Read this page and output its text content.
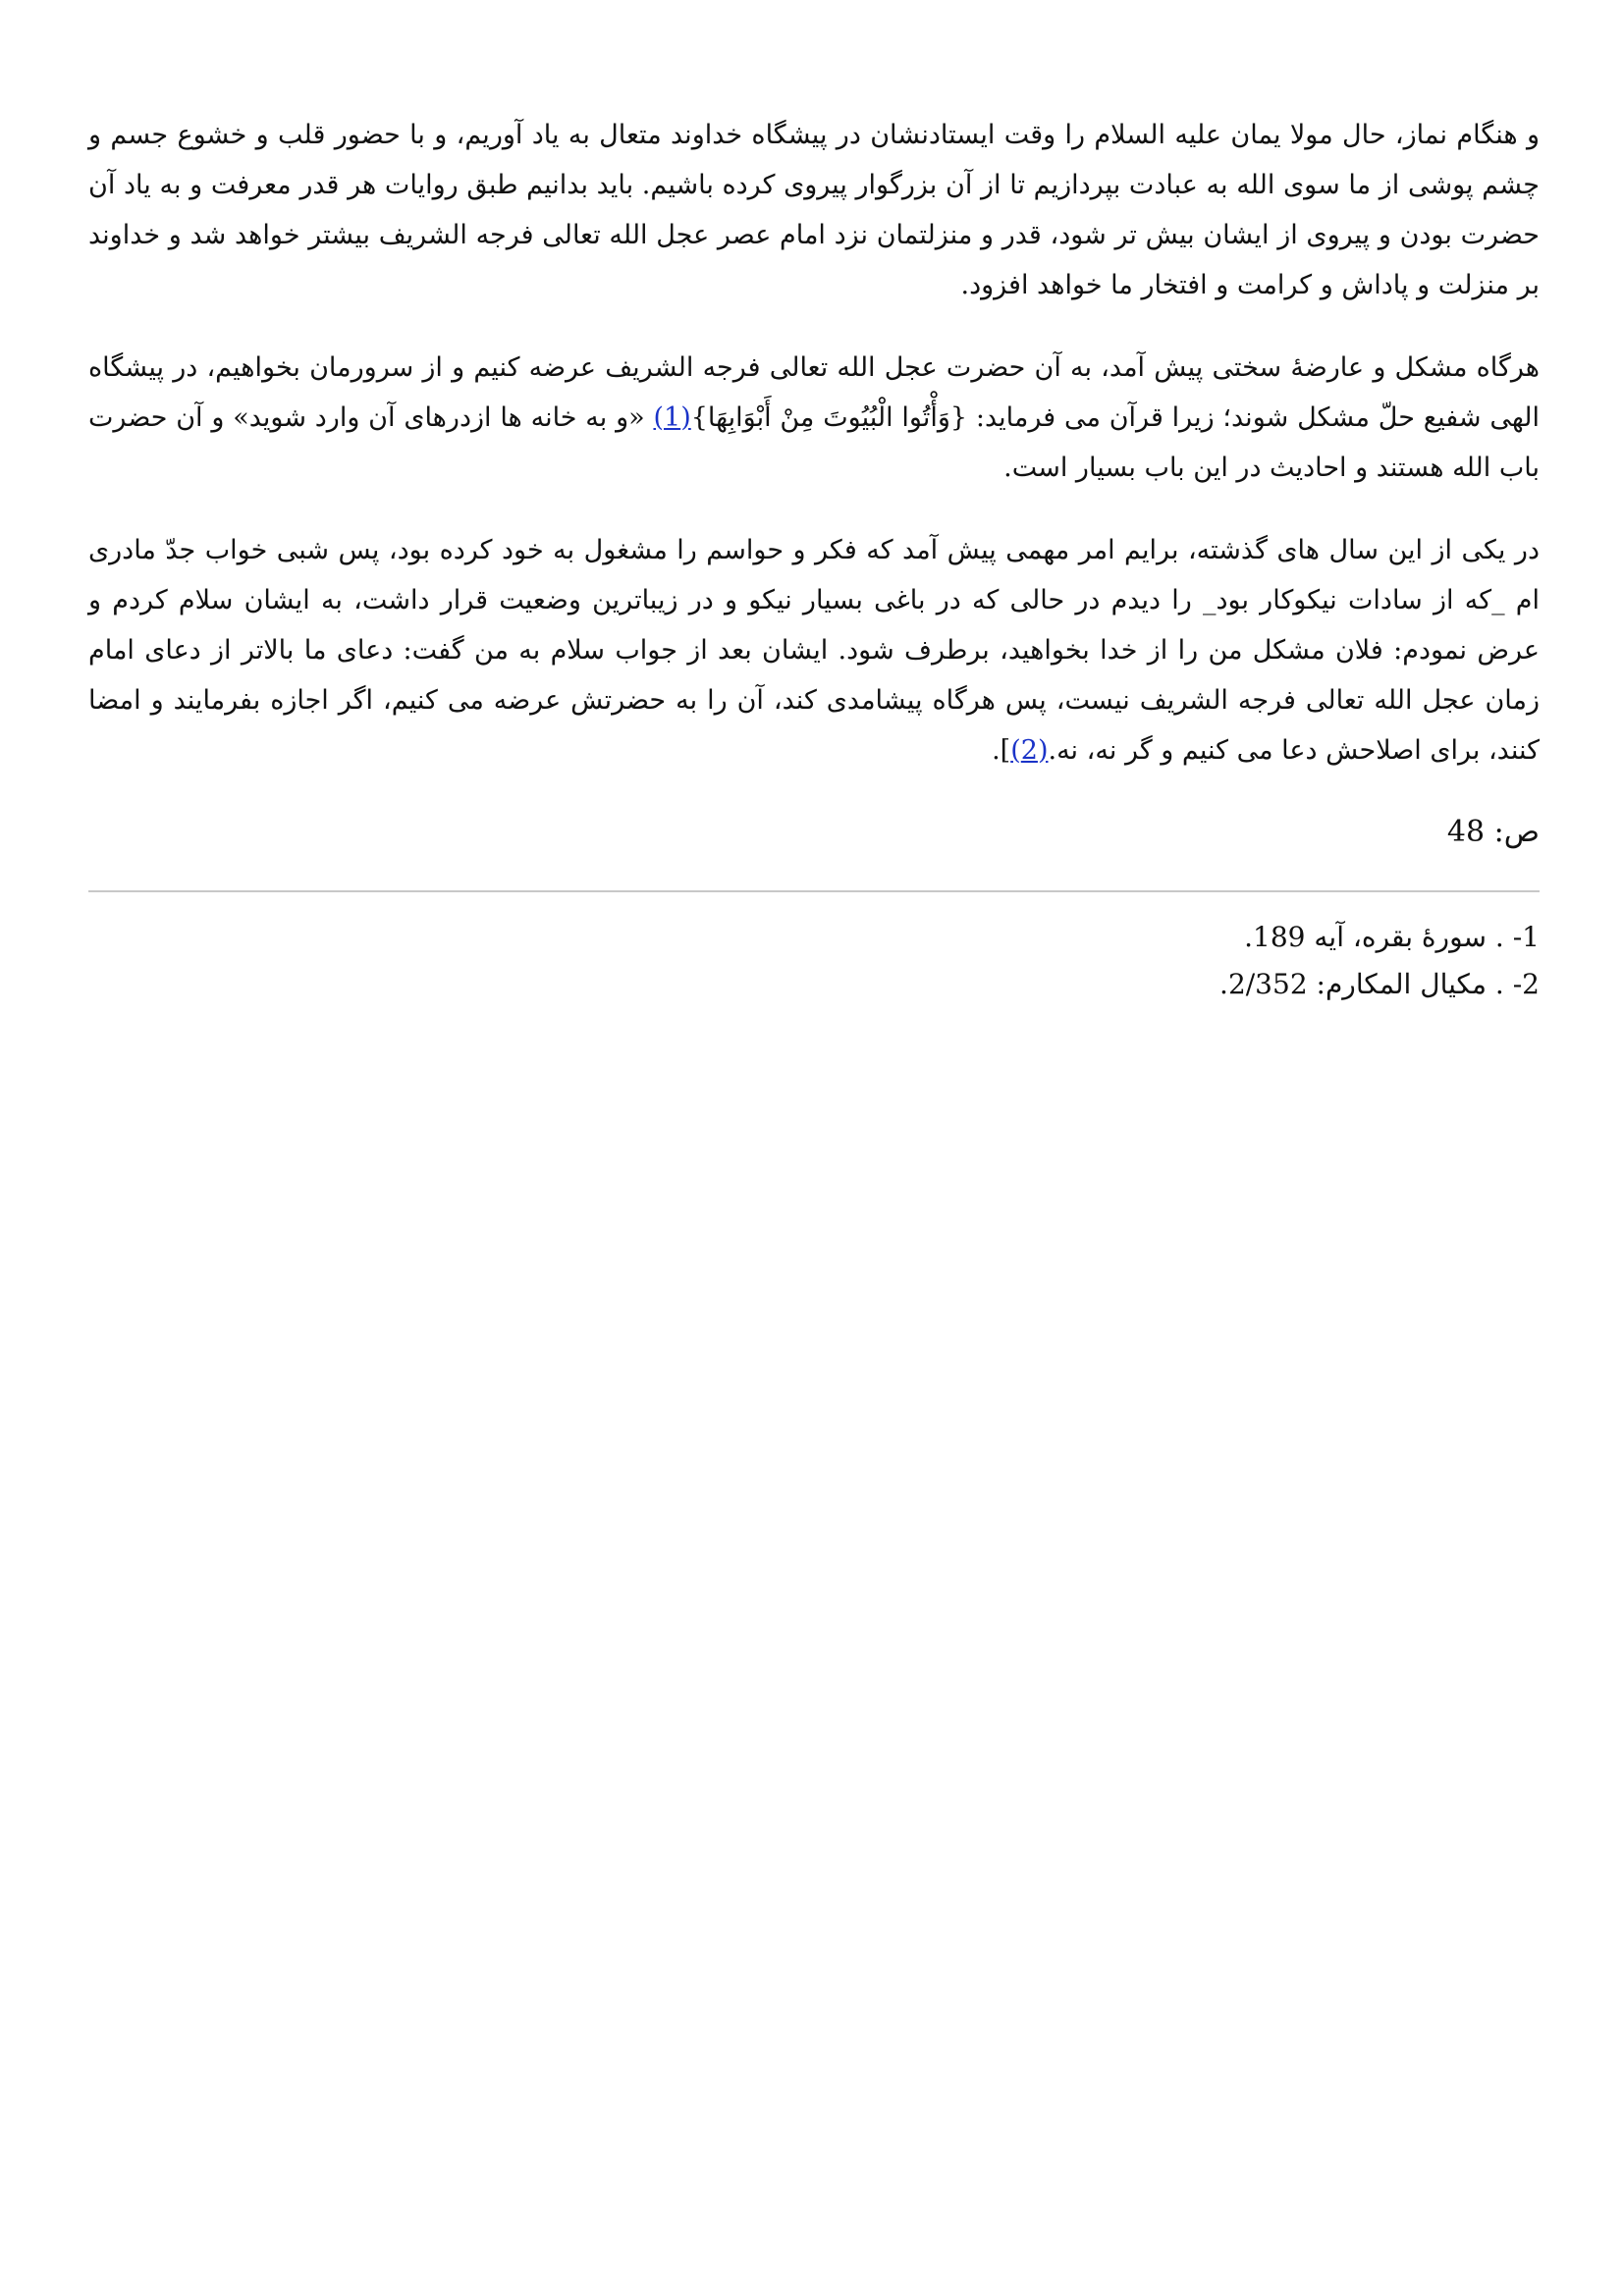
و هنگام نماز، حال مولا یمان علیه السلام را وقت ایستادنشان در پیشگاه خداوند متعال به یاد آوریم، و با حضور قلب و خشوع جسم و چشم پوشی از ما سوی الله به عبادت بپردازیم تا از آن بزرگوار پیروی کرده باشیم. باید بدانیم طبق روایات هر قدر معرفت و به یاد آن حضرت بودن و پیروی از ایشان بیش تر شود، قدر و منزلتمان نزد امام عصر عجل الله تعالی فرجه الشریف بیشتر خواهد شد و خداوند بر منزلت و پاداش و کرامت و افتخار ما خواهد افزود.

هرگاه مشکل و عارضهٔ سختی پیش آمد، به آن حضرت عجل الله تعالی فرجه الشریف عرضه کنیم و از سرورمان بخواهیم، در پیشگاه الهی شفیع حلّ مشکل شوند؛ زیرا قرآن می فرماید: {وَأْتُوا الْبُيُوتَ مِنْ أَبْوَابِهَا}(1) «و به خانه ها ازدرهای آن وارد شوید» و آن حضرت باب الله هستند و احادیث در این باب بسیار است.

در یکی از این سال های گذشته، برایم امر مهمی پیش آمد که فکر و حواسم را مشغول به خود کرده بود، پس شبی خواب جدّ مادری ام _که از سادات نیکوکار بود_ را دیدم در حالی که در باغی بسیار نیکو و در زیباترین وضعیت قرار داشت، به ایشان سلام کردم و عرض نمودم: فلان مشکل من را از خدا بخواهید، برطرف شود. ایشان بعد از جواب سلام به من گفت: دعای ما بالاتر از دعای امام زمان عجل الله تعالی فرجه الشریف نیست، پس هرگاه پیشامدی کند، آن را به حضرتش عرضه می کنیم، اگر اجازه بفرمایند و امضا کنند، برای اصلاحش دعا می کنیم و گر نه، نه.(2)].

ص: 48

1- . سورهٔ بقره، آیه 189.

2- . مکیال المکارم: 2/352.
